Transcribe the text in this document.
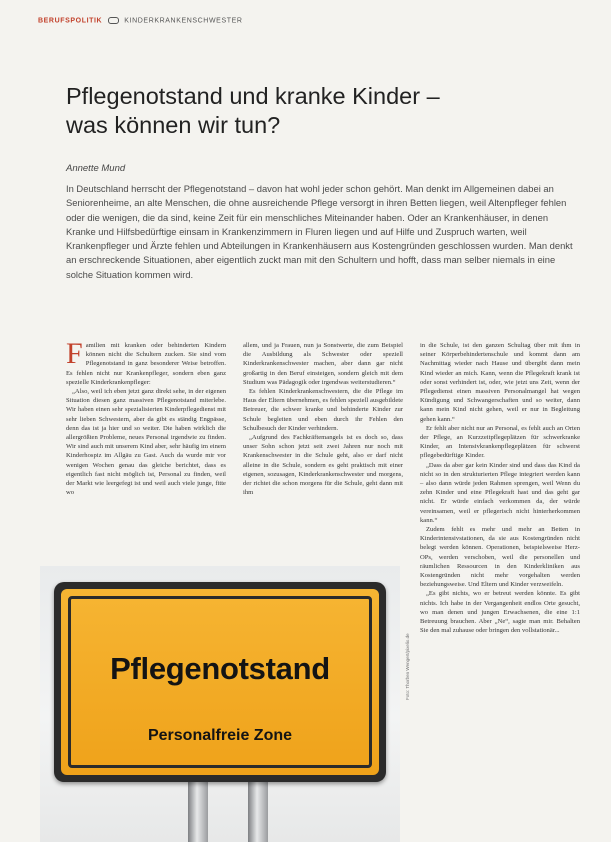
BERUFSPOLITIK	KINDERKRANKENSCHWESTER
Pflegenotstand und kranke Kinder –
was können wir tun?
Annette Mund

In Deutschland herrscht der Pflegenotstand – davon hat wohl jeder schon gehört. Man denkt im Allgemeinen dabei an Seniorenheime, an alte Menschen, die ohne ausreichende Pflege versorgt in ihren Betten liegen, weil Altenpfleger fehlen oder die wenigen, die da sind, keine Zeit für ein menschliches Miteinander haben. Oder an Krankenhäuser, in denen Kranke und Hilfsbedürftige einsam in Krankenzimmern in Fluren liegen und auf Hilfe und Zuspruch warten, weil Krankenpfleger und Ärzte fehlen und Abteilungen in Krankenhäusern aus Kostengründen geschlossen wurden. Man denkt an erschreckende Situationen, aber eigentlich zuckt man mit den Schultern und hofft, dass man selber niemals in eine solche Situation kommen wird.

Familien mit kranken oder behinderten Kindern können nicht die Schultern zucken. Sie sind vom Pflegenotstand in ganz besonderer Weise betroffen. Es fehlen nicht nur Krankenpfleger, sondern eben ganz spezielle Kinderkrankenpfleger:

„Also, weil ich eben jetzt ganz direkt sehe, in der eigenen Situation diesen ganz massiven Pflegenotstand miterlebe. Wir haben einen sehr spezialisierten Kinderpflegedienst mit sehr lieben Schwestern, aber da gibt es ständig Engpässe, denn das ist ja hier und so weiter. Die haben wirklich die allergrößten Probleme, neues Personal irgendwie zu finden. Wir sind auch mit unserem Kind aber, sehr häufig im einem Kinderhospiz im Allgäu zu Gast. Auch da wurde mir vor wenigen Wochen genau das gleiche berichtet, dass es eigentlich fast nicht möglich ist, Personal zu finden, weil der Markt wie leergefegt ist und weil auch viele junge, fitte wo

allem, und ja Frauen, nun ja Sonstwerte, die zum Beispiel die Ausbildung als Schwester oder speziell Kinderkrankenschwester machen, aber dann gar nicht großartig in den Beruf einsteigen, sondern gleich mit dem Studium was Pädagogik oder irgendwas weiterstudieren.“

Es fehlen Kinderkrankenschwestern, die die Pflege im Haus der Eltern übernehmen, es fehlen speziell ausgebildete Betreuer, die schwer kranke und behinderte Kinder zur Schule begleiten und eben durch ihr Fehlen den Schulbesuch der Kinder verhindern.

„Aufgrund des Fachkräftemangels ist es doch so, dass unser Sohn schon jetzt seit zwei Jahren nur noch mit Krankenschwester in die Schule geht, also er darf nicht alleine in die Schule, sondern es geht praktisch mit einer eigenen, sozusagen, Kinderkrankenschwester und morgens, der richtet die schon morgens für die Schule, geht dann mit ihm

in die Schule, ist den ganzen Schultag über mit ihm in seiner Körperbehindertenschule und kommt dann am Nachmittag wieder nach Hause und übergibt dann mein Kind wieder an mich. Kann, wenn die Pflegekraft krank ist oder sonst verhindert ist, oder, wie jetzt uns Zeit, wenn der Pflegedienst einen massiven Personalmangel hat wegen Kündigung und Schwangerschaften und so weiter, dann kann mein Kind nicht gehen, weil er nur in Begleitung gehen kann.“

Er fehlt aber nicht nur an Personal, es fehlt auch an Orten der Pflege, an Kurzzeitpflegeplätzen für schwerkranke Kinder, an Intensivkrankenpflegeplätzen für schwerst pflegebedürftige Kinder.

„Dass da aber gar kein Kinder sind und dass das Kind da nicht so in den strukturierten Pflege integriert werden kann – also dann würde jeden Rahmen sprengen, weil Wenn du zehn Kinder und eine Pflegekraft hast und das geht gar nicht. Er würde einfach verkommen da, der würde vereinsamen, weil er pflegerisch nicht hinterherkommen kann.“

Zudem fehlt es mehr und mehr an Betten in Kinderintensivstationen, da sie aus Kostengründen nicht belegt werden können. Operationen, beispielsweise Herz-OPs, werden verschoben, weil die personellen und räumlichen Ressourcen in den Kinderkliniken aus Kostengründen nicht mehr vorgehalten werden beziehungsweise. Und Eltern und Kinder verzweifeln.

„Es gibt nichts, wo er betreut werden könnte. Es gibt nichts. Ich habe in der Vergangenheit endlos Orte gesucht, wo man denen und jungen Erwachsenen, die eine 1:1 Betreuung brauchen. Aber „Ne“, sagte man mir. Behalten Sie den mal zuhause oder bringen den vollstationär...

Pflegenotstand
Personalfreie Zone
Foto: Thorben Wengert/pixelio.de
